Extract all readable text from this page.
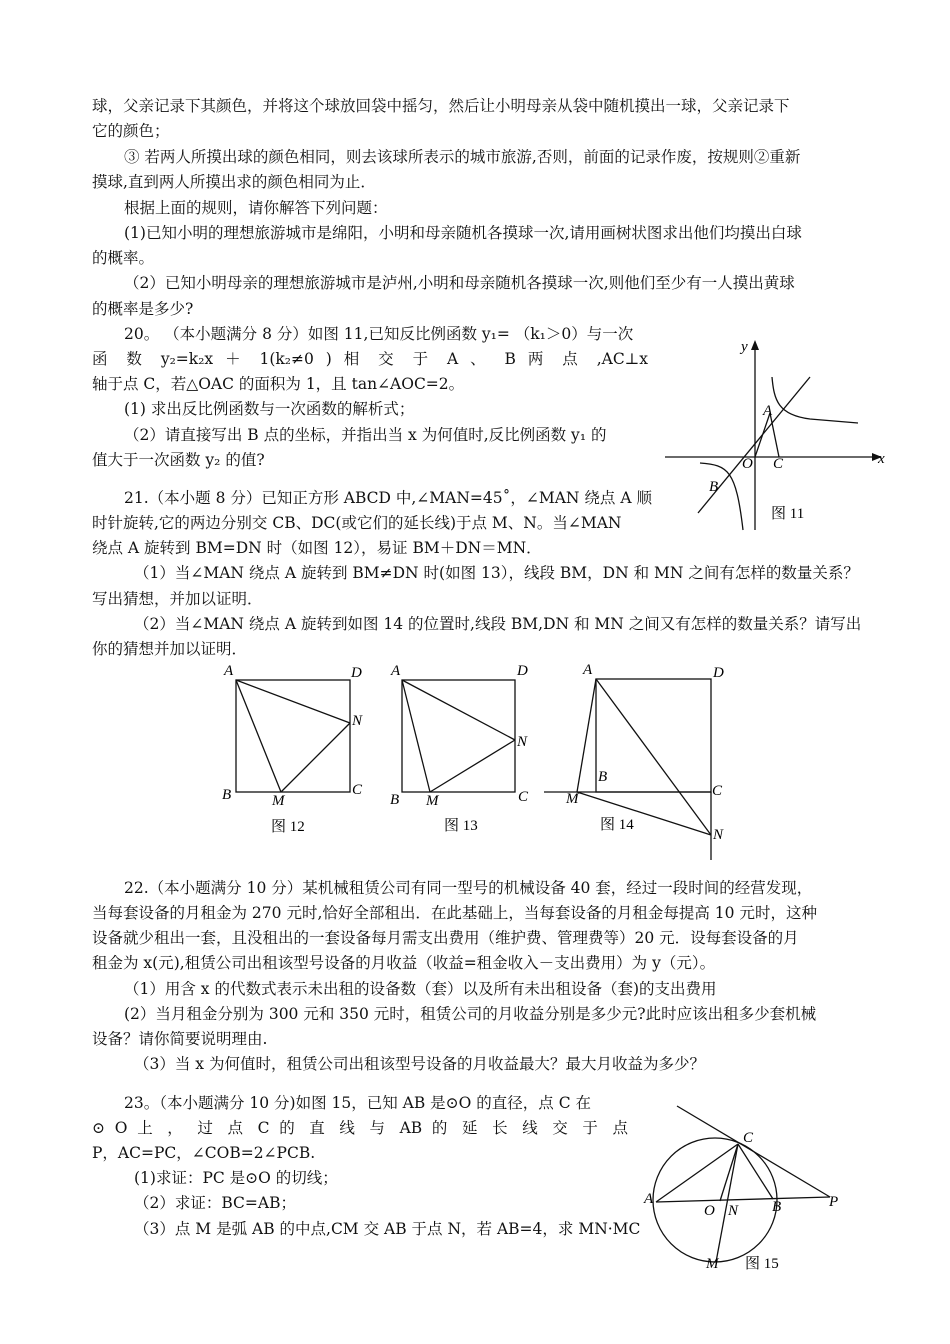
球，父亲记录下其颜色，并将这个球放回袋中摇匀，然后让小明母亲从袋中随机摸出一球，父亲记录下
它的颜色；
③ 若两人所摸出球的颜色相同，则去该球所表示的城市旅游,否则，前面的记录作废，按规则②重新
摸球,直到两人所摸出求的颜色相同为止．
根据上面的规则，请你解答下列问题：
(1)已知小明的理想旅游城市是绵阳，小明和母亲随机各摸球一次,请用画树状图求出他们均摸出白球
的概率。
（2）已知小明母亲的理想旅游城市是泸州,小明和母亲随机各摸球一次,则他们至少有一人摸出黄球
的概率是多少?
20。 （本小题满分 8 分）如图 11,已知反比例函数 y₁= （k₁＞0）与一次
函 数 y₂=k₂x ＋ 1(k₂≠0 ) 相 交 于 A 、 B 两 点 ,AC⊥x
轴于点 C，若△OAC 的面积为 1，且 tan∠AOC=2。
(1) 求出反比例函数与一次函数的解析式；
（2）请直接写出 B 点的坐标，并指出当 x 为何值时,反比例函数 y₁ 的
值大于一次函数 y₂ 的值?
y
x
A
O C
B
图 11
21.（本小题 8 分）已知正方形 ABCD 中,∠MAN=45˚，∠MAN 绕点 A 顺
时针旋转,它的两边分别交 CB、DC(或它们的延长线)于点 M、N。当∠MAN
绕点 A 旋转到 BM=DN 时（如图 12），易证 BM＋DN＝MN．
（1）当∠MAN 绕点 A 旋转到 BM≠DN 时(如图 13），线段 BM，DN 和 MN 之间有怎样的数量关系？
写出猜想，并加以证明．
（2）当∠MAN 绕点 A 旋转到如图 14 的位置时,线段 BM,DN 和 MN 之间又有怎样的数量关系？请写出
你的猜想并加以证明．
A	D
N
B	M
C
图 12
A	D
N
B M	C
图 13
A	D
B
C
M
N
图 14
22.（本小题满分 10 分）某机械租赁公司有同一型号的机械设备 40 套，经过一段时间的经营发现，
当每套设备的月租金为 270 元时,恰好全部租出．在此基础上，当每套设备的月租金每提高 10 元时，这种
设备就少租出一套，且没租出的一套设备每月需支出费用（维护费、管理费等）20 元．设每套设备的月
租金为 x(元),租赁公司出租该型号设备的月收益（收益=租金收入－支出费用）为 y（元）。
（1）用含 x 的代数式表示未出租的设备数（套）以及所有未出租设备（套)的支出费用
(2）当月租金分别为 300 元和 350 元时，租赁公司的月收益分别是多少元?此时应该出租多少套机械
设备？请你简要说明理由.
（3）当 x 为何值时，租赁公司出租该型号设备的月收益最大？最大月收益为多少？
23。（本小题满分 10 分)如图 15，已知 AB 是⊙O 的直径，点 C 在
⊙ O 上 ， 过 点 C 的 直 线 与 AB 的 延 长 线 交 于 点
P，AC=PC，∠COB=2∠PCB.
(1)求证：PC 是⊙O 的切线；
（2）求证：BC=AB；
（3）点 M 是弧 AB 的中点,CM 交 AB 于点 N，若 AB=4，求 MN·MC
C
A
O N B	P
M 图 15
